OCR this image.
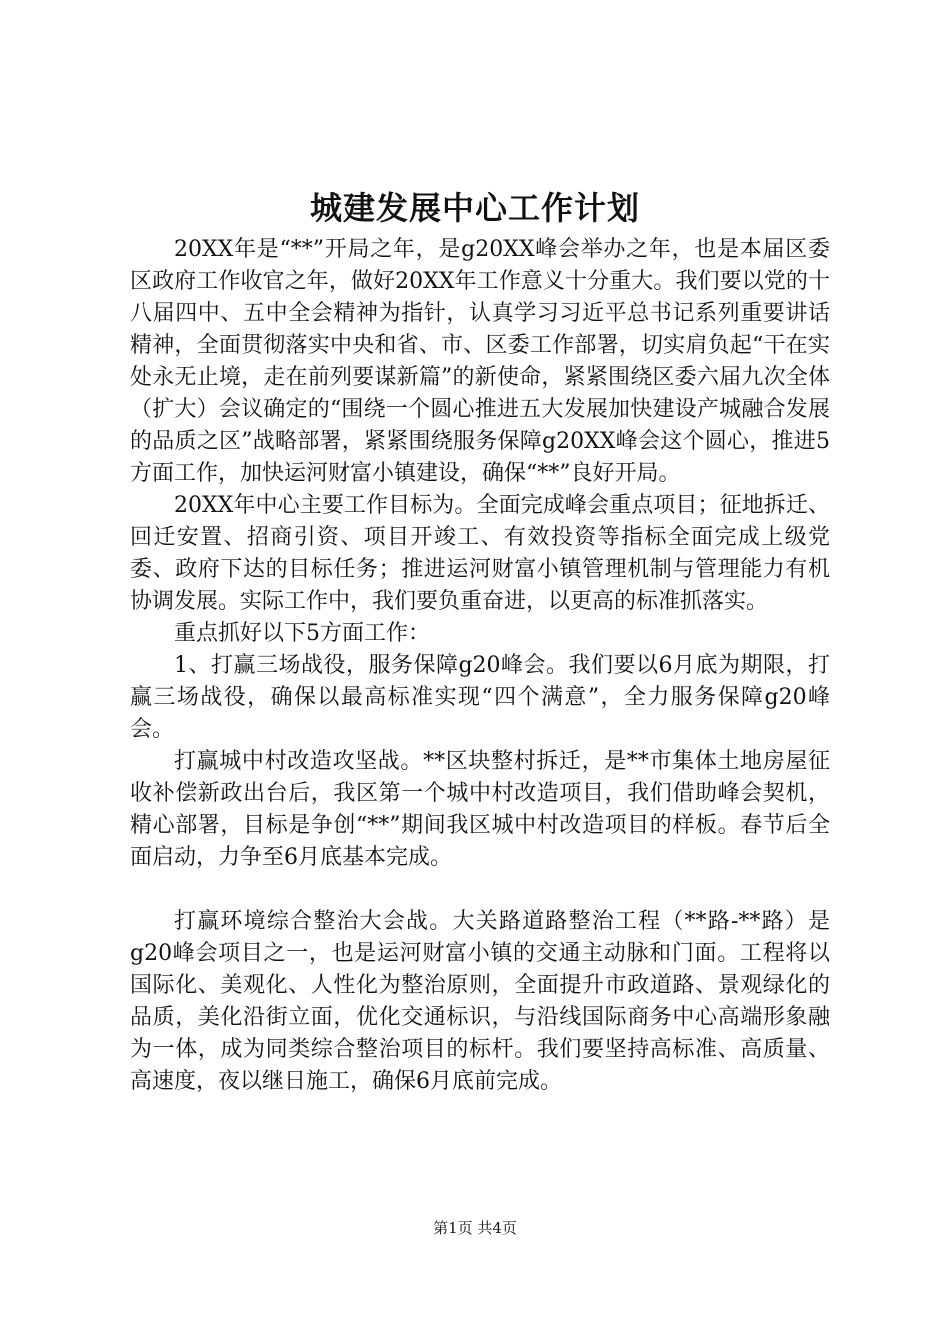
城建发展中心工作计划

20XX年是“**”开局之年，是g20XX峰会举办之年，也是本届区委区政府工作收官之年，做好20XX年工作意义十分重大。我们要以党的十八届四中、五中全会精神为指针，认真学习习近平总书记系列重要讲话精神，全面贯彻落实中央和省、市、区委工作部署，切实肩负起“干在实处永无止境，走在前列要谋新篇”的新使命，紧紧围绕区委六届九次全体（扩大）会议确定的“围绕一个圆心推进五大发展加快建设产城融合发展的品质之区”战略部署，紧紧围绕服务保障g20XX峰会这个圆心，推进5方面工作，加快运河财富小镇建设，确保“**”良好开局。

20XX年中心主要工作目标为。全面完成峰会重点项目；征地拆迁、回迁安置、招商引资、项目开竣工、有效投资等指标全面完成上级党委、政府下达的目标任务；推进运河财富小镇管理机制与管理能力有机协调发展。实际工作中，我们要负重奋进，以更高的标准抓落实。

重点抓好以下5方面工作：

1、打赢三场战役，服务保障g20峰会。我们要以6月底为期限，打赢三场战役，确保以最高标准实现“四个满意”，全力服务保障g20峰会。

打赢城中村改造攻坚战。**区块整村拆迁，是**市集体土地房屋征收补偿新政出台后，我区第一个城中村改造项目，我们借助峰会契机，精心部署，目标是争创“**”期间我区城中村改造项目的样板。春节后全面启动，力争至6月底基本完成。

打赢环境综合整治大会战。大关路道路整治工程（**路-**路）是g20峰会项目之一，也是运河财富小镇的交通主动脉和门面。工程将以国际化、美观化、人性化为整治原则，全面提升市政道路、景观绿化的品质，美化沿街立面，优化交通标识，与沿线国际商务中心高端形象融为一体，成为同类综合整治项目的标杆。我们要坚持高标准、高质量、高速度，夜以继日施工，确保6月底前完成。

第1页 共4页
